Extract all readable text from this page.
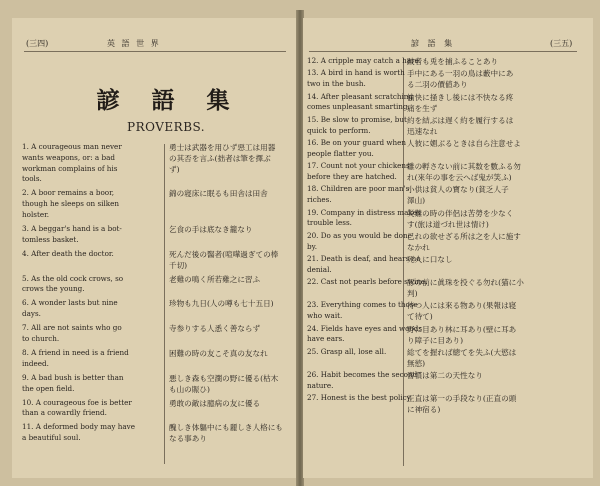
(三四)	英 語 世 界
諺 語 集
PROVERBS.
1. A courageous man never
wants weapons, or: a bad
workman complains of his
tools.
勇士は武器を用ひず惡工は用器
の其否を言ふ(拙者は筆を擇ぶ
ず)
2. A boor remains a boor,
though he sleeps on silken
holster.
錦の寝床に眠るも田舎は田舎
3. A beggar's hand is a bot-
tomless basket.
乞食の手は底なき籠なり
4. After death the doctor.	死んだ後の醫者(喧嘩過ぎての棒
千切)
5. As the old cock crows, so
crows the young.
老雞の鳴く所若雞之に習ふ
6. A wonder lasts but nine
days.
珍物も九日(人の噂も七十五日)
7. All are not saints who go
to church.
寺参りする人悉く善ならず
8. A friend in need is a friend
indeed.
困難の時の友こそ真の友なれ
9. A bad bush is better than
the open field.
悪しき森も空濶の野に優る(枯木
も山の賑ひ)
10. A courageous foe is better
than a cowardly friend.
勇敢の敵は臆病の友に優る
11. A deformed body may have
a beautiful soul.
醜しき体軀中にも麗しき人格にも
なる事あり
諺 語 集	(三五)
12. A cripple may catch a hare.
跛者も兎を捕ふることあり
13. A bird in hand is worth
two in the bush.
手中にある一羽の鳥は藪中にあ
る二羽の價値あり
14. After pleasant scratching
comes unpleasant smarting.
愉快に掻きし後には不快なる疼
痛を生ず
15. Be slow to promise, but
quick to perform.
約を結ぶは遅く約を履行するは
迅速なれ
16. Be on your guard when
people flatter you.
人彼に媚ぶるときは自ら注意せよ
17. Count not your chickens
before they are hatched.
雛の孵さない前に其数を數ふる勿
れ(來年の事を云へば鬼が笑ふ)
18. Children are poor man's
riches.
小供は貧人の寶なり(貧乏人子
澤山)
19. Company in distress makes
trouble less.
災難の時の伴侶は苦勞を少なく
す(旅は道づれ世は情け)
20. Do as you would be done
by.
己れの欲せざる所は之を人に施す
なかれ
21. Death is deaf, and hears no
denial.
死人に口なし
22. Cast not pearls before swine.
豚の前に眞珠を投ぐる勿れ(猫に小
判)
23. Everything comes to those
who wait.
待つ人には來る物あり(果報は寝
て待て)
24. Fields have eyes and woods
have ears.
野に目あり林に耳あり(壁に耳あ
り障子に目あり)
25. Grasp all, lose all.	総てを握れば總てを失ふ(大慾は
無慾)
26. Habit becomes the second
nature.
習慣は第二の天性なり
27. Honest is the best policy.
正直は第一の手段なり(正直の頭
に神宿る)
